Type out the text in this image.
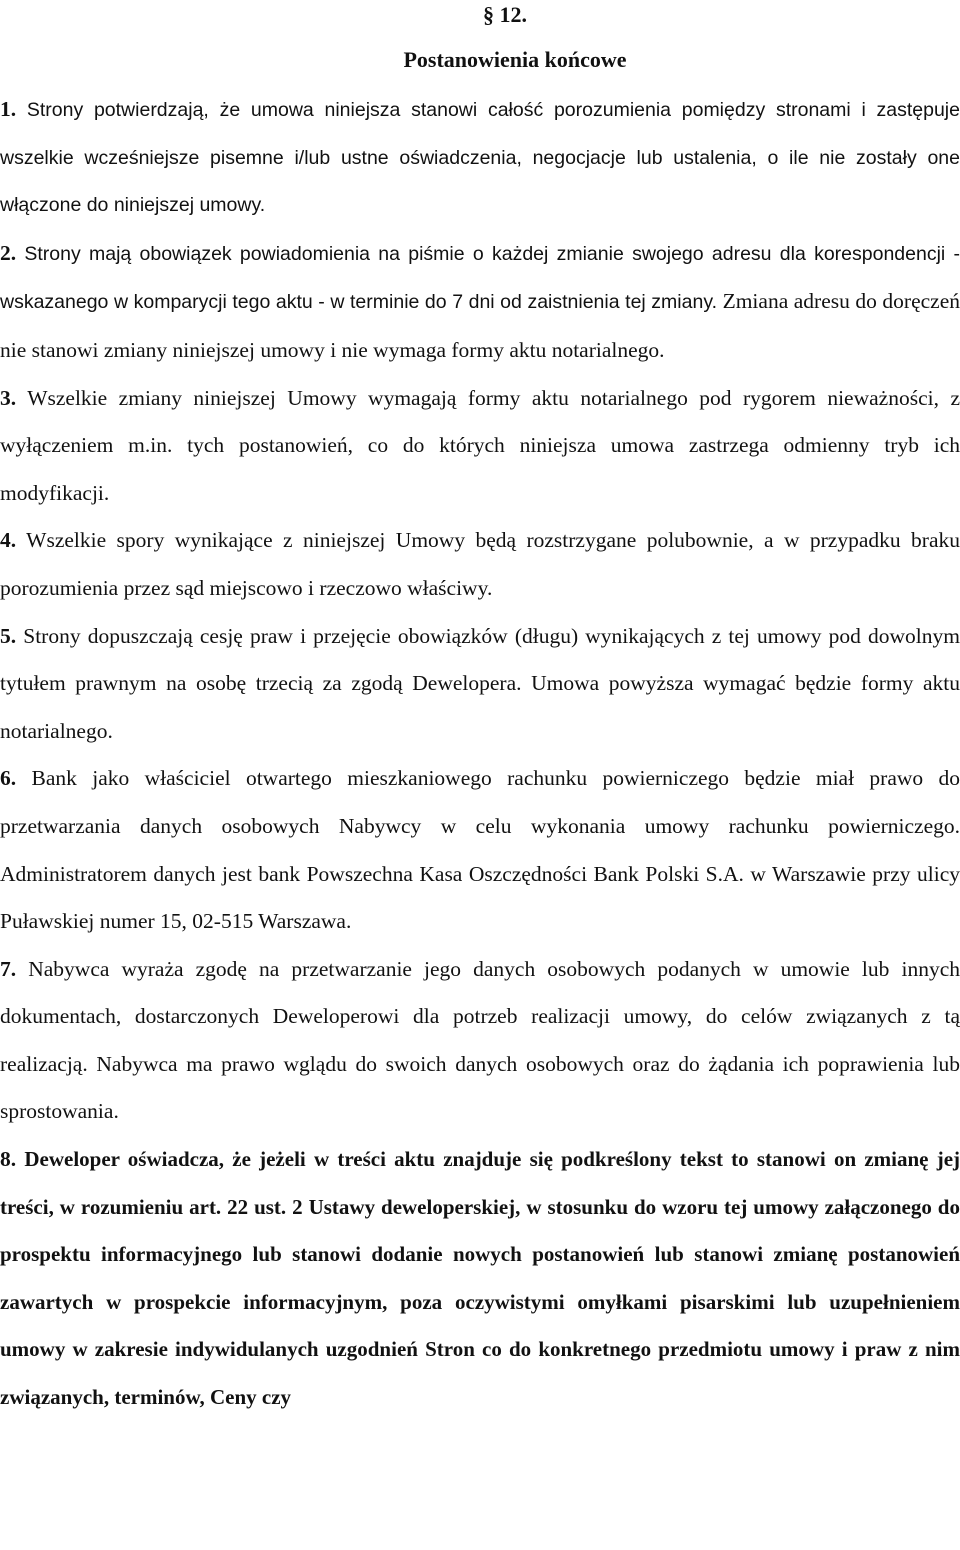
§ 12.
Postanowienia końcowe

1. Strony potwierdzają, że umowa niniejsza stanowi całość porozumienia pomiędzy stronami i zastępuje wszelkie wcześniejsze pisemne i/lub ustne oświadczenia, negocjacje lub ustalenia, o ile nie zostały one włączone do niniejszej umowy.

2. Strony mają obowiązek powiadomienia na piśmie o każdej zmianie swojego adresu dla korespondencji - wskazanego w komparycji tego aktu - w terminie do 7 dni od zaistnienia tej zmiany. Zmiana adresu do doręczeń nie stanowi zmiany niniejszej umowy i nie wymaga formy aktu notarialnego.

3. Wszelkie zmiany niniejszej Umowy wymagają formy aktu notarialnego pod rygorem nieważności, z wyłączeniem m.in. tych postanowień, co do których niniejsza umowa zastrzega odmienny tryb ich modyfikacji.

4. Wszelkie spory wynikające z niniejszej Umowy będą rozstrzygane polubownie, a w przypadku braku porozumienia przez sąd miejscowo i rzeczowo właściwy.

5. Strony dopuszczają cesję praw i przejęcie obowiązków (długu) wynikających z tej umowy pod dowolnym tytułem prawnym na osobę trzecią za zgodą Dewelopera. Umowa powyższa wymagać będzie formy aktu notarialnego.

6. Bank jako właściciel otwartego mieszkaniowego rachunku powierniczego będzie miał prawo do przetwarzania danych osobowych Nabywcy w celu wykonania umowy rachunku powierniczego. Administratorem danych jest bank Powszechna Kasa Oszczędności Bank Polski S.A. w Warszawie przy ulicy Puławskiej numer 15, 02-515 Warszawa.

7. Nabywca wyraża zgodę na przetwarzanie jego danych osobowych podanych w umowie lub innych dokumentach, dostarczonych Deweloperowi dla potrzeb realizacji umowy, do celów związanych z tą realizacją. Nabywca ma prawo wglądu do swoich danych osobowych oraz do żądania ich poprawienia lub sprostowania.

8. Deweloper oświadcza, że jeżeli w treści aktu znajduje się podkreślony tekst to stanowi on zmianę jej treści, w rozumieniu art. 22 ust. 2 Ustawy deweloperskiej, w stosunku do wzoru tej umowy załączonego do prospektu informacyjnego lub stanowi dodanie nowych postanowień lub stanowi zmianę postanowień zawartych w prospekcie informacyjnym, poza oczywistymi omyłkami pisarskimi lub uzupełnieniem umowy w zakresie indywidulanych uzgodnień Stron co do konkretnego przedmiotu umowy i praw z nim związanych, terminów, Ceny czy
